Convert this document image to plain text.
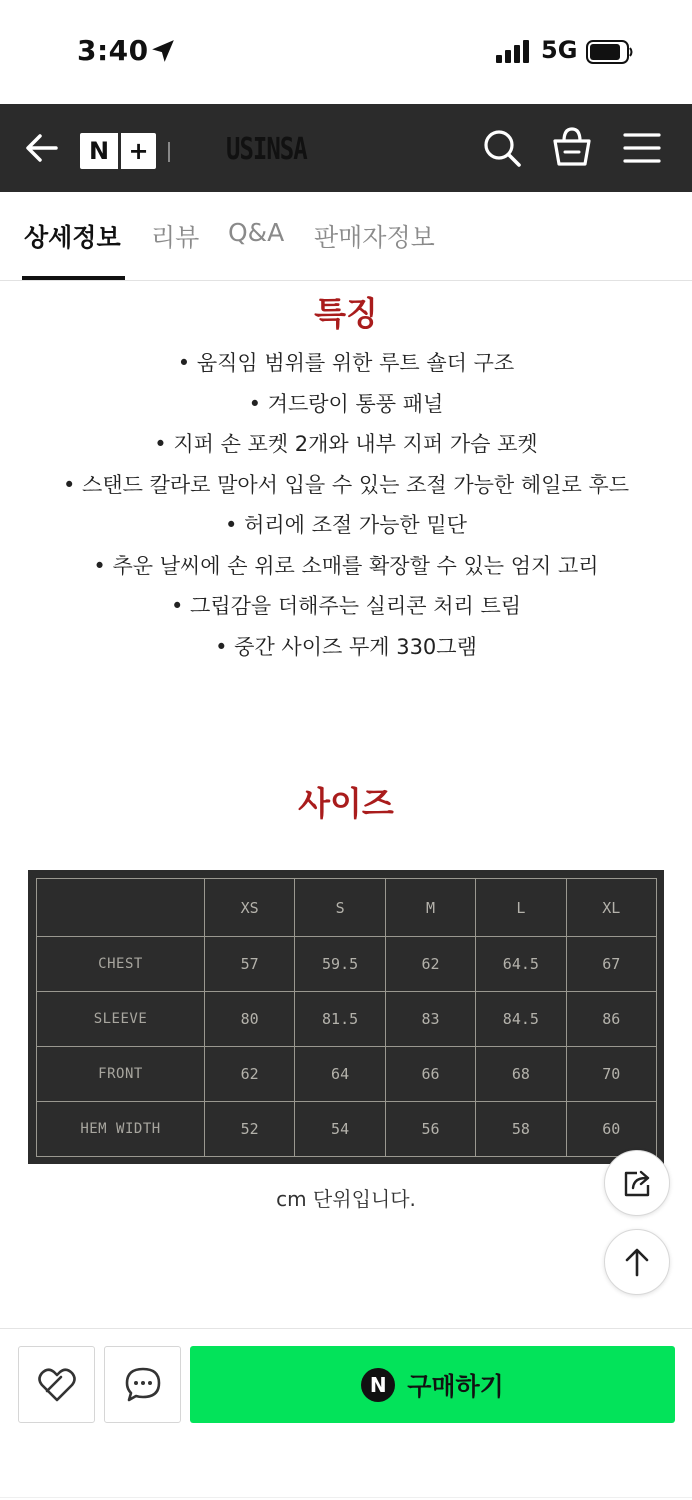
3:40	5G
N +	USINSA
상세정보 리뷰 Q&A 판매자정보
특징
• 움직임 범위를 위한 루트 숄더 구조
• 겨드랑이 통풍 패널
• 지퍼 손 포켓 2개와 내부 지퍼 가슴 포켓
• 스탠드 칼라로 말아서 입을 수 있는 조절 가능한 헤일로 후드
• 허리에 조절 가능한 밑단
• 추운 날씨에 손 위로 소매를 확장할 수 있는 엄지 고리
• 그립감을 더해주는 실리콘 처리 트림
• 중간 사이즈 무게 330그램
사이즈
	XS	S	M	L	XL
CHEST	57	59.5	62	64.5	67
SLEEVE	80	81.5	83	84.5	86
FRONT	62	64	66	68	70
HEM WIDTH	52	54	56	58	60
cm 단위입니다.
N 구매하기
